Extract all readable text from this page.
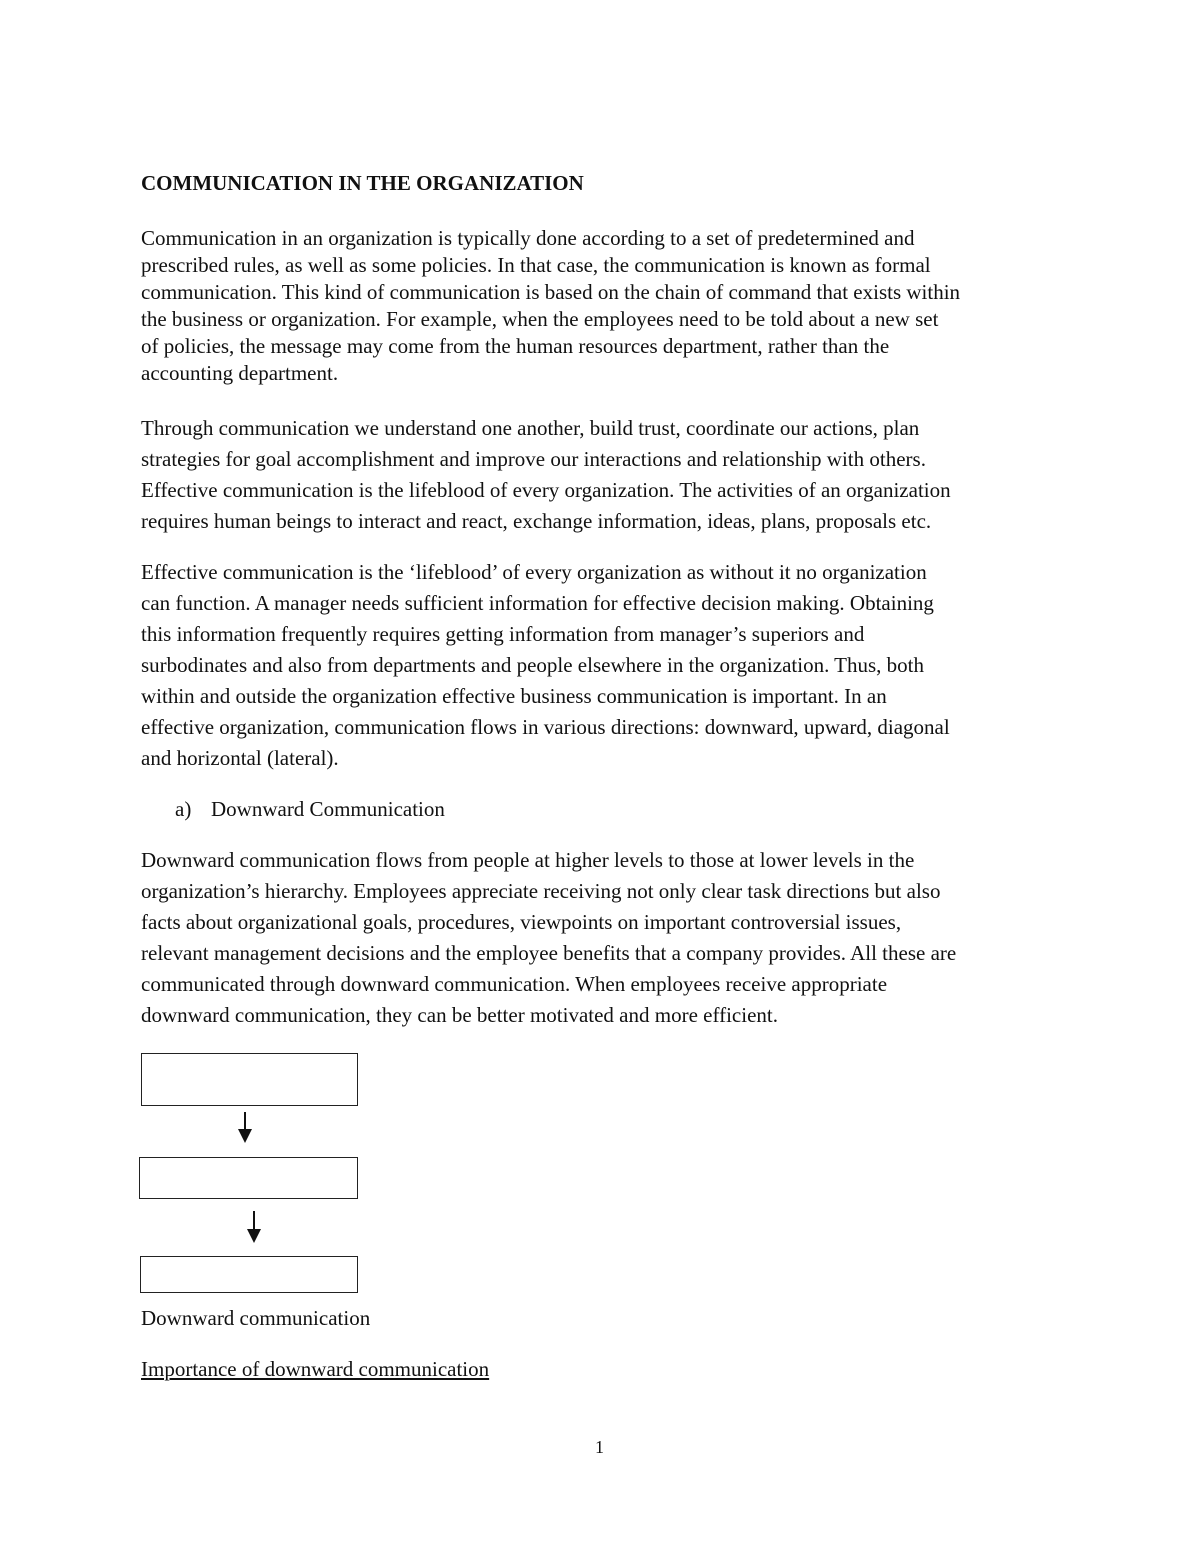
COMMUNICATION IN THE ORGANIZATION
Communication in an organization is typically done according to a set of predetermined and
prescribed rules, as well as some policies. In that case, the communication is known as formal
communication. This kind of communication is based on the chain of command that exists within
the business or organization. For example, when the employees need to be told about a new set
of policies, the message may come from the human resources department, rather than the
accounting department.
Through communication we understand one another, build trust, coordinate our actions, plan
strategies for goal accomplishment and improve our interactions and relationship with others.
Effective communication is the lifeblood of every organization. The activities of an organization
requires human beings to interact and react, exchange information, ideas, plans, proposals etc.
Effective communication is the ‘lifeblood’ of every organization as without it no organization
can function. A manager needs sufficient information for effective decision making. Obtaining
this information frequently requires getting information from manager’s superiors and
surbodinates and also from departments and people elsewhere in the organization. Thus, both
within and outside the organization effective business communication is important. In an
effective organization, communication flows in various directions: downward, upward, diagonal
and horizontal (lateral).
a) Downward Communication
Downward communication flows from people at higher levels to those at lower levels in the
organization’s hierarchy. Employees appreciate receiving not only clear task directions but also
facts about organizational goals, procedures, viewpoints on important controversial issues,
relevant management decisions and the employee benefits that a company provides. All these are
communicated through downward communication. When employees receive appropriate
downward communication, they can be better motivated and more efficient.
Downward communication
Importance of downward communication
1
